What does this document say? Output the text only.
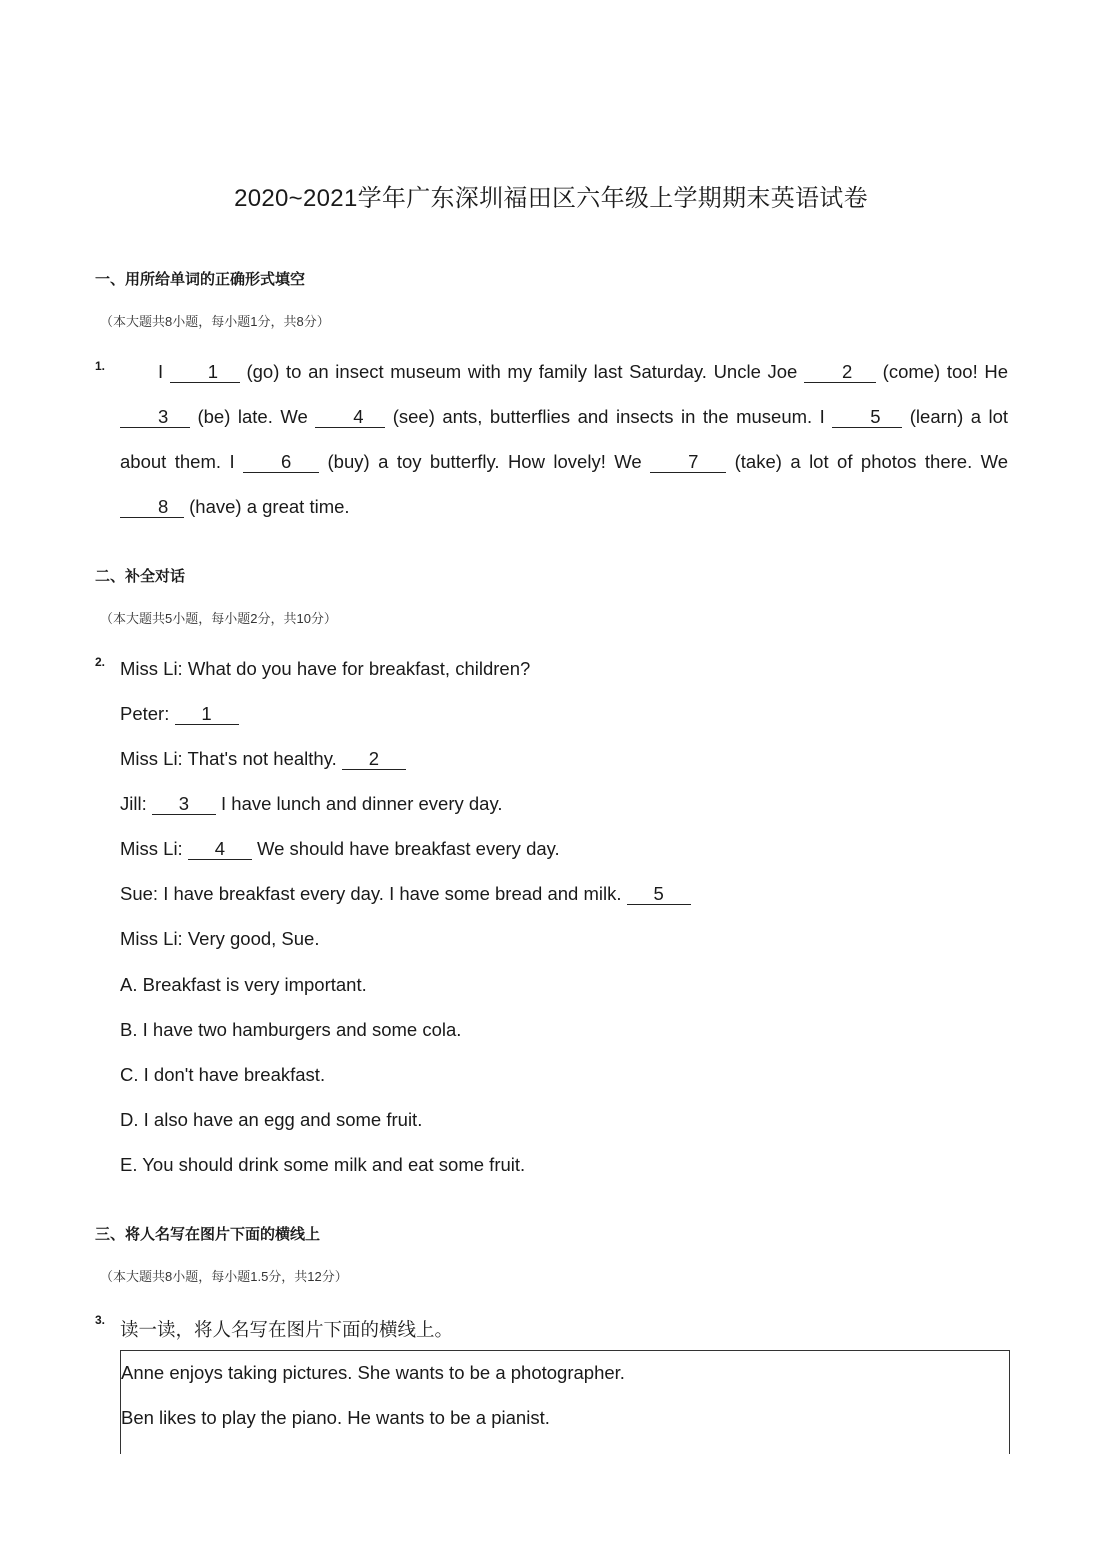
2020~2021学年广东深圳福田区六年级上学期期末英语试卷
一、用所给单词的正确形式填空
（本大题共8小题，每小题1分，共8分）
1.	I 1 (go) to an insect museum with my family last Saturday. Uncle Joe 2 (come) too! He 3 (be) late. We 4 (see) ants, butterflies and insects in the museum. I 5 (learn) a lot about them. I	6 (buy) a toy butterfly. How lovely! We	7 (take) a lot of photos there. We 8 (have) a great time.
二、补全对话
（本大题共5小题，每小题2分，共10分）
2. Miss Li: What do you have for breakfast, children?
Peter: 1
Miss Li: That's not healthy. 2
Jill: 3 I have lunch and dinner every day.
Miss Li: 4 We should have breakfast every day.
Sue: I have breakfast every day. I have some bread and milk. 5
Miss Li: Very good, Sue.
A. Breakfast is very important.
B. I have two hamburgers and some cola.
C. I don't have breakfast.
D. I also have an egg and some fruit.
E. You should drink some milk and eat some fruit.
三、将人名写在图片下面的横线上
（本大题共8小题，每小题1.5分，共12分）
3. 读一读，将人名写在图片下面的横线上。
Anne enjoys taking pictures. She wants to be a photographer.
Ben likes to play the piano. He wants to be a pianist.
